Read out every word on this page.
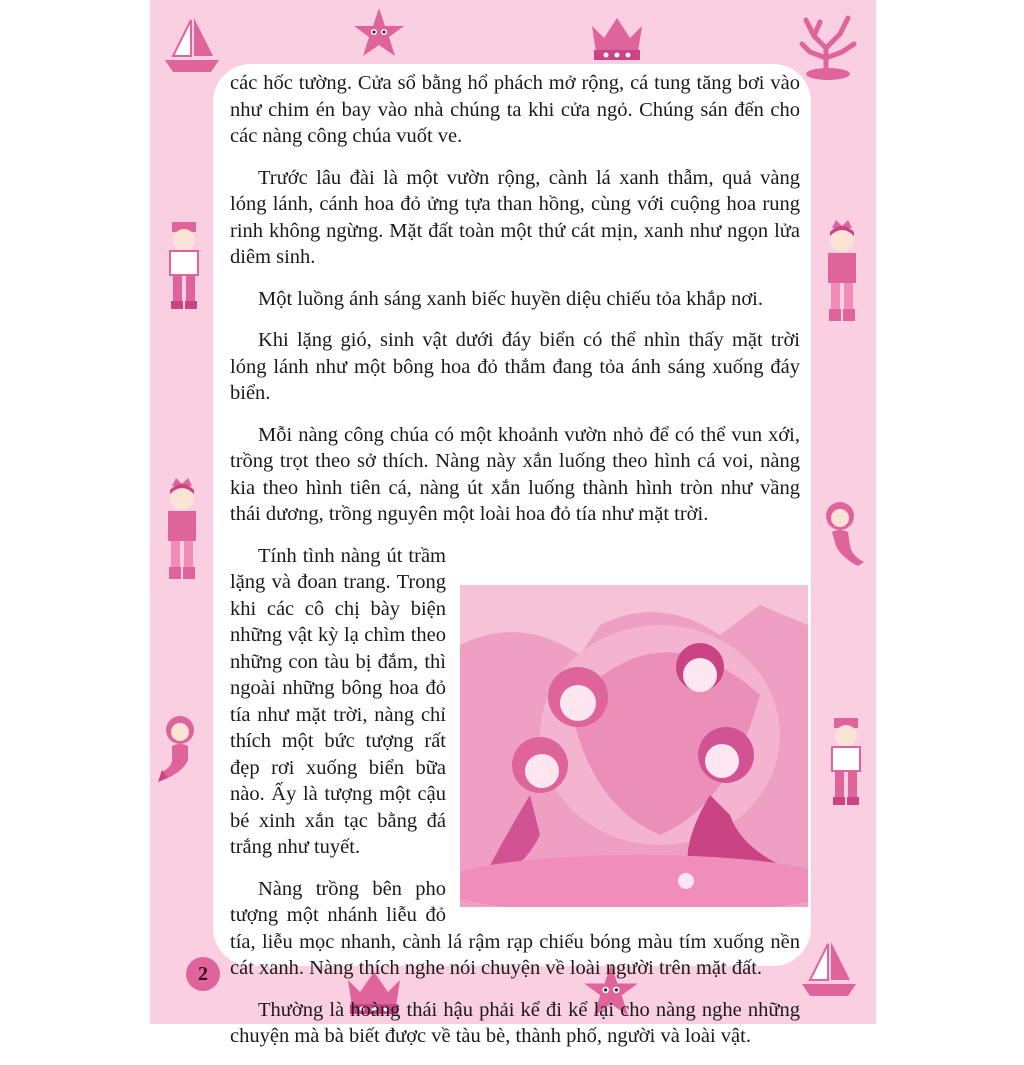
2

các hốc tường. Cửa sổ bằng hổ phách mở rộng, cá tung tăng bơi vào như chim én bay vào nhà chúng ta khi cửa ngỏ. Chúng sán đến cho các nàng công chúa vuốt ve.

Trước lâu đài là một vườn rộng, cành lá xanh thẫm, quả vàng lóng lánh, cánh hoa đỏ ửng tựa than hồng, cùng với cuộng hoa rung rinh không ngừng. Mặt đất toàn một thứ cát mịn, xanh như ngọn lửa diêm sinh.

Một luồng ánh sáng xanh biếc huyền diệu chiếu tỏa khắp nơi.

Khi lặng gió, sinh vật dưới đáy biển có thể nhìn thấy mặt trời lóng lánh như một bông hoa đỏ thắm đang tỏa ánh sáng xuống đáy biển.

Mỗi nàng công chúa có một khoảnh vườn nhỏ để có thể vun xới, trồng trọt theo sở thích. Nàng này xắn luống theo hình cá voi, nàng kia theo hình tiên cá, nàng út xắn luống thành hình tròn như vầng thái dương, trồng nguyên một loài hoa đỏ tía như mặt trời.

Tính tình nàng út trầm lặng và đoan trang. Trong khi các cô chị bày biện những vật kỳ lạ chìm theo những con tàu bị đắm, thì ngoài những bông hoa đỏ tía như mặt trời, nàng chỉ thích một bức tượng rất đẹp rơi xuống biển bữa nào. Ấy là tượng một cậu bé xinh xắn tạc bằng đá trắng như tuyết.

Nàng trồng bên pho tượng một nhánh liễu đỏ tía, liễu mọc nhanh, cành lá rậm rạp chiếu bóng màu tím xuống nền cát xanh. Nàng thích nghe nói chuyện về loài người trên mặt đất.

Thường là hoàng thái hậu phải kể đi kể lại cho nàng nghe những chuyện mà bà biết được về tàu bè, thành phố, người và loài vật.
